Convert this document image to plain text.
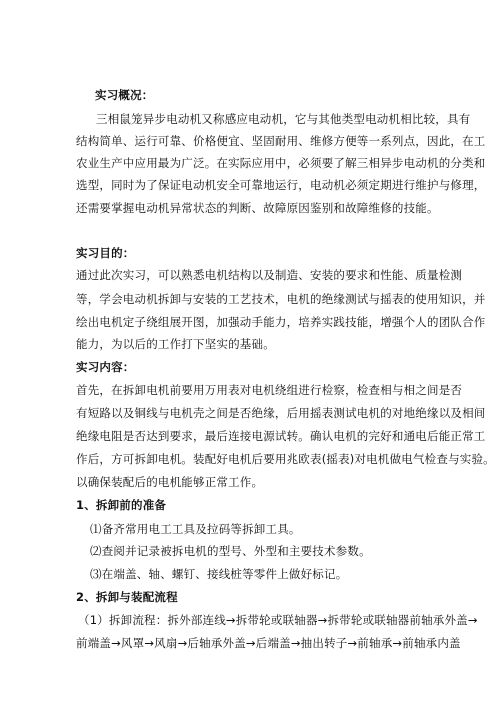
实习概况：
三相鼠笼异步电动机又称感应电动机，它与其他类型电动机相比较，具有
结构简单、运行可靠、价格便宜、坚固耐用、维修方便等一系列点，因此，在工
农业生产中应用最为广泛。在实际应用中，必须要了解三相异步电动机的分类和
选型，同时为了保证电动机安全可靠地运行，电动机必须定期进行维护与修理，
还需要掌握电动机异常状态的判断、故障原因鉴别和故障维修的技能。
实习目的：
通过此次实习，可以熟悉电机结构以及制造、安装的要求和性能、质量检测
等，学会电动机拆卸与安装的工艺技术，电机的绝缘测试与摇表的使用知识，并
绘出电机定子绕组展开图，加强动手能力，培养实践技能，增强个人的团队合作
能力，为以后的工作打下坚实的基础。
实习内容：
首先，在拆卸电机前要用万用表对电机绕组进行检察，检查相与相之间是否
有短路以及铜线与电机壳之间是否绝缘，后用摇表测试电机的对地绝缘以及相间
绝缘电阻是否达到要求，最后连接电源试转。确认电机的完好和通电后能正常工
作后，方可拆卸电机。装配好电机后要用兆欧表(摇表)对电机做电气检查与实验。
以确保装配后的电机能够正常工作。
1、拆卸前的准备
⑴备齐常用电工工具及拉码等拆卸工具。
⑵查阅并记录被拆电机的型号、外型和主要技术参数。
⑶在端盖、轴、螺钉、接线桩等零件上做好标记。
2、拆卸与装配流程
（1）拆卸流程：拆外部连线→拆带轮或联轴器→拆带轮或联轴器前轴承外盖→
前端盖→风罩→风扇→后轴承外盖→后端盖→抽出转子→前轴承→前轴承内盖
